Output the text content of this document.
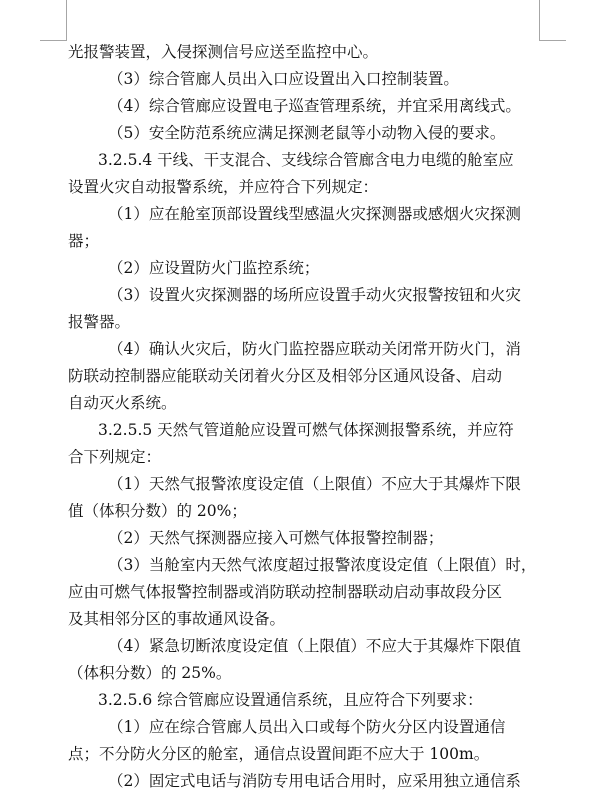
光报警装置，入侵探测信号应送至监控中心。
（3）综合管廊人员出入口应设置出入口控制装置。
（4）综合管廊应设置电子巡查管理系统，并宜采用离线式。
（5）安全防范系统应满足探测老鼠等小动物入侵的要求。
3.2.5.4 干线、干支混合、支线综合管廊含电力电缆的舱室应
设置火灾自动报警系统，并应符合下列规定：
（1）应在舱室顶部设置线型感温火灾探测器或感烟火灾探测
器；
（2）应设置防火门监控系统；
（3）设置火灾探测器的场所应设置手动火灾报警按钮和火灾
报警器。
（4）确认火灾后，防火门监控器应联动关闭常开防火门，消
防联动控制器应能联动关闭着火分区及相邻分区通风设备、启动
自动灭火系统。
3.2.5.5 天然气管道舱应设置可燃气体探测报警系统，并应符
合下列规定：
（1）天然气报警浓度设定值（上限值）不应大于其爆炸下限
值（体积分数）的 20%；
（2）天然气探测器应接入可燃气体报警控制器；
（3）当舱室内天然气浓度超过报警浓度设定值（上限值）时，
应由可燃气体报警控制器或消防联动控制器联动启动事故段分区
及其相邻分区的事故通风设备。
（4）紧急切断浓度设定值（上限值）不应大于其爆炸下限值
（体积分数）的 25%。
3.2.5.6 综合管廊应设置通信系统，且应符合下列要求：
（1）应在综合管廊人员出入口或每个防火分区内设置通信
点；不分防火分区的舱室，通信点设置间距不应大于 100m。
（2）固定式电话与消防专用电话合用时，应采用独立通信系
